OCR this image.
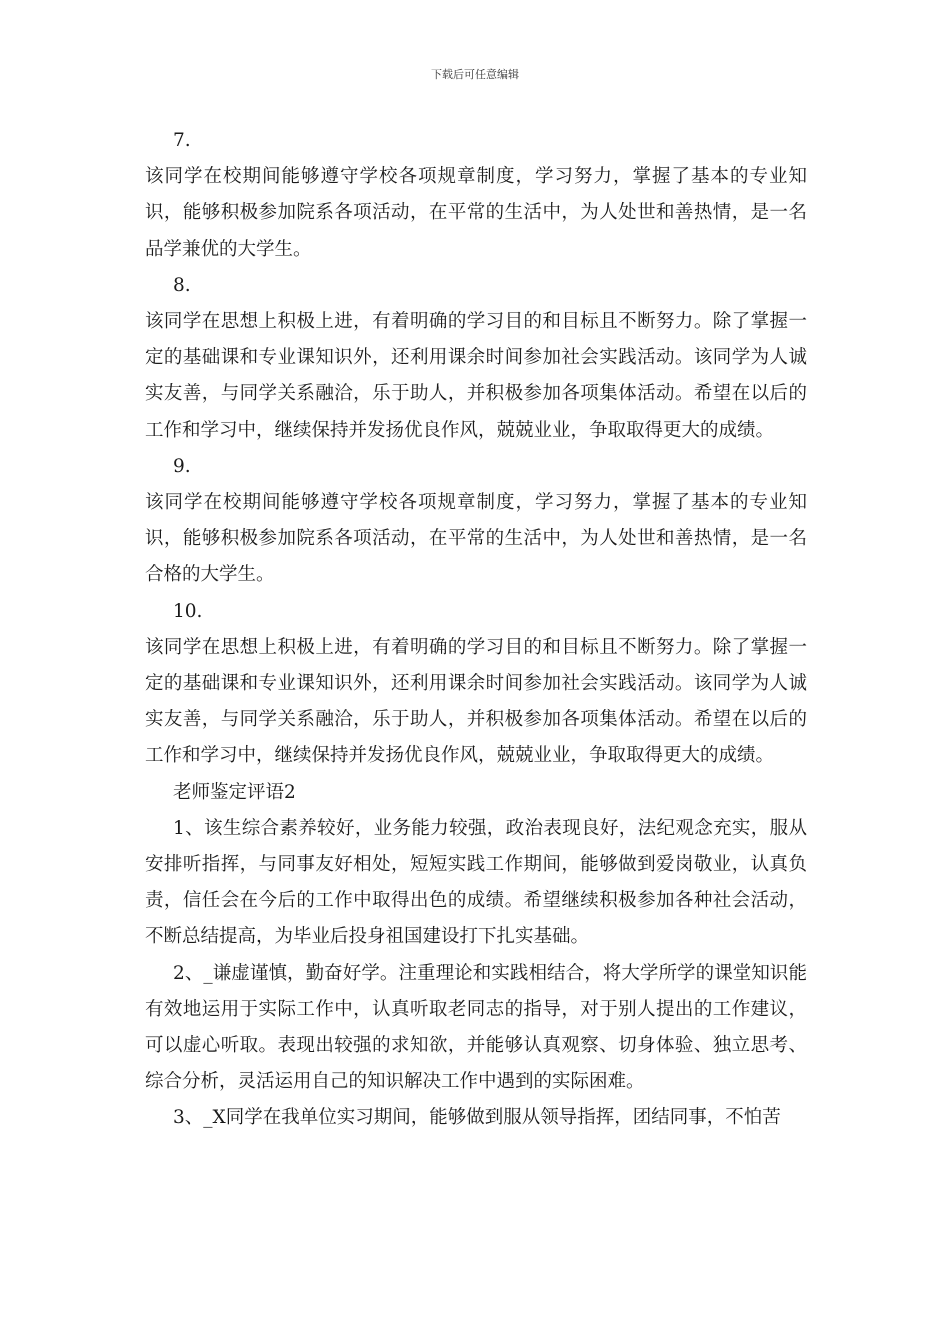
下载后可任意编辑
7.
该同学在校期间能够遵守学校各项规章制度，学习努力，掌握了基本的专业知识，能够积极参加院系各项活动，在平常的生活中，为人处世和善热情，是一名品学兼优的大学生。
8.
该同学在思想上积极上进，有着明确的学习目的和目标且不断努力。除了掌握一定的基础课和专业课知识外，还利用课余时间参加社会实践活动。该同学为人诚实友善，与同学关系融洽，乐于助人，并积极参加各项集体活动。希望在以后的工作和学习中，继续保持并发扬优良作风，兢兢业业，争取取得更大的成绩。
9.
该同学在校期间能够遵守学校各项规章制度，学习努力，掌握了基本的专业知识，能够积极参加院系各项活动，在平常的生活中，为人处世和善热情，是一名合格的大学生。
10.
该同学在思想上积极上进，有着明确的学习目的和目标且不断努力。除了掌握一定的基础课和专业课知识外，还利用课余时间参加社会实践活动。该同学为人诚实友善，与同学关系融洽，乐于助人，并积极参加各项集体活动。希望在以后的工作和学习中，继续保持并发扬优良作风，兢兢业业，争取取得更大的成绩。
老师鉴定评语2
1、该生综合素养较好，业务能力较强，政治表现良好，法纪观念充实，服从安排听指挥，与同事友好相处，短短实践工作期间，能够做到爱岗敬业，认真负责，信任会在今后的工作中取得出色的成绩。希望继续积极参加各种社会活动，不断总结提高，为毕业后投身祖国建设打下扎实基础。
2、_谦虚谨慎，勤奋好学。注重理论和实践相结合，将大学所学的课堂知识能有效地运用于实际工作中，认真听取老同志的指导，对于别人提出的工作建议，可以虚心听取。表现出较强的求知欲，并能够认真观察、切身体验、独立思考、综合分析，灵活运用自己的知识解决工作中遇到的实际困难。
3、_X同学在我单位实习期间，能够做到服从领导指挥，团结同事，不怕苦
